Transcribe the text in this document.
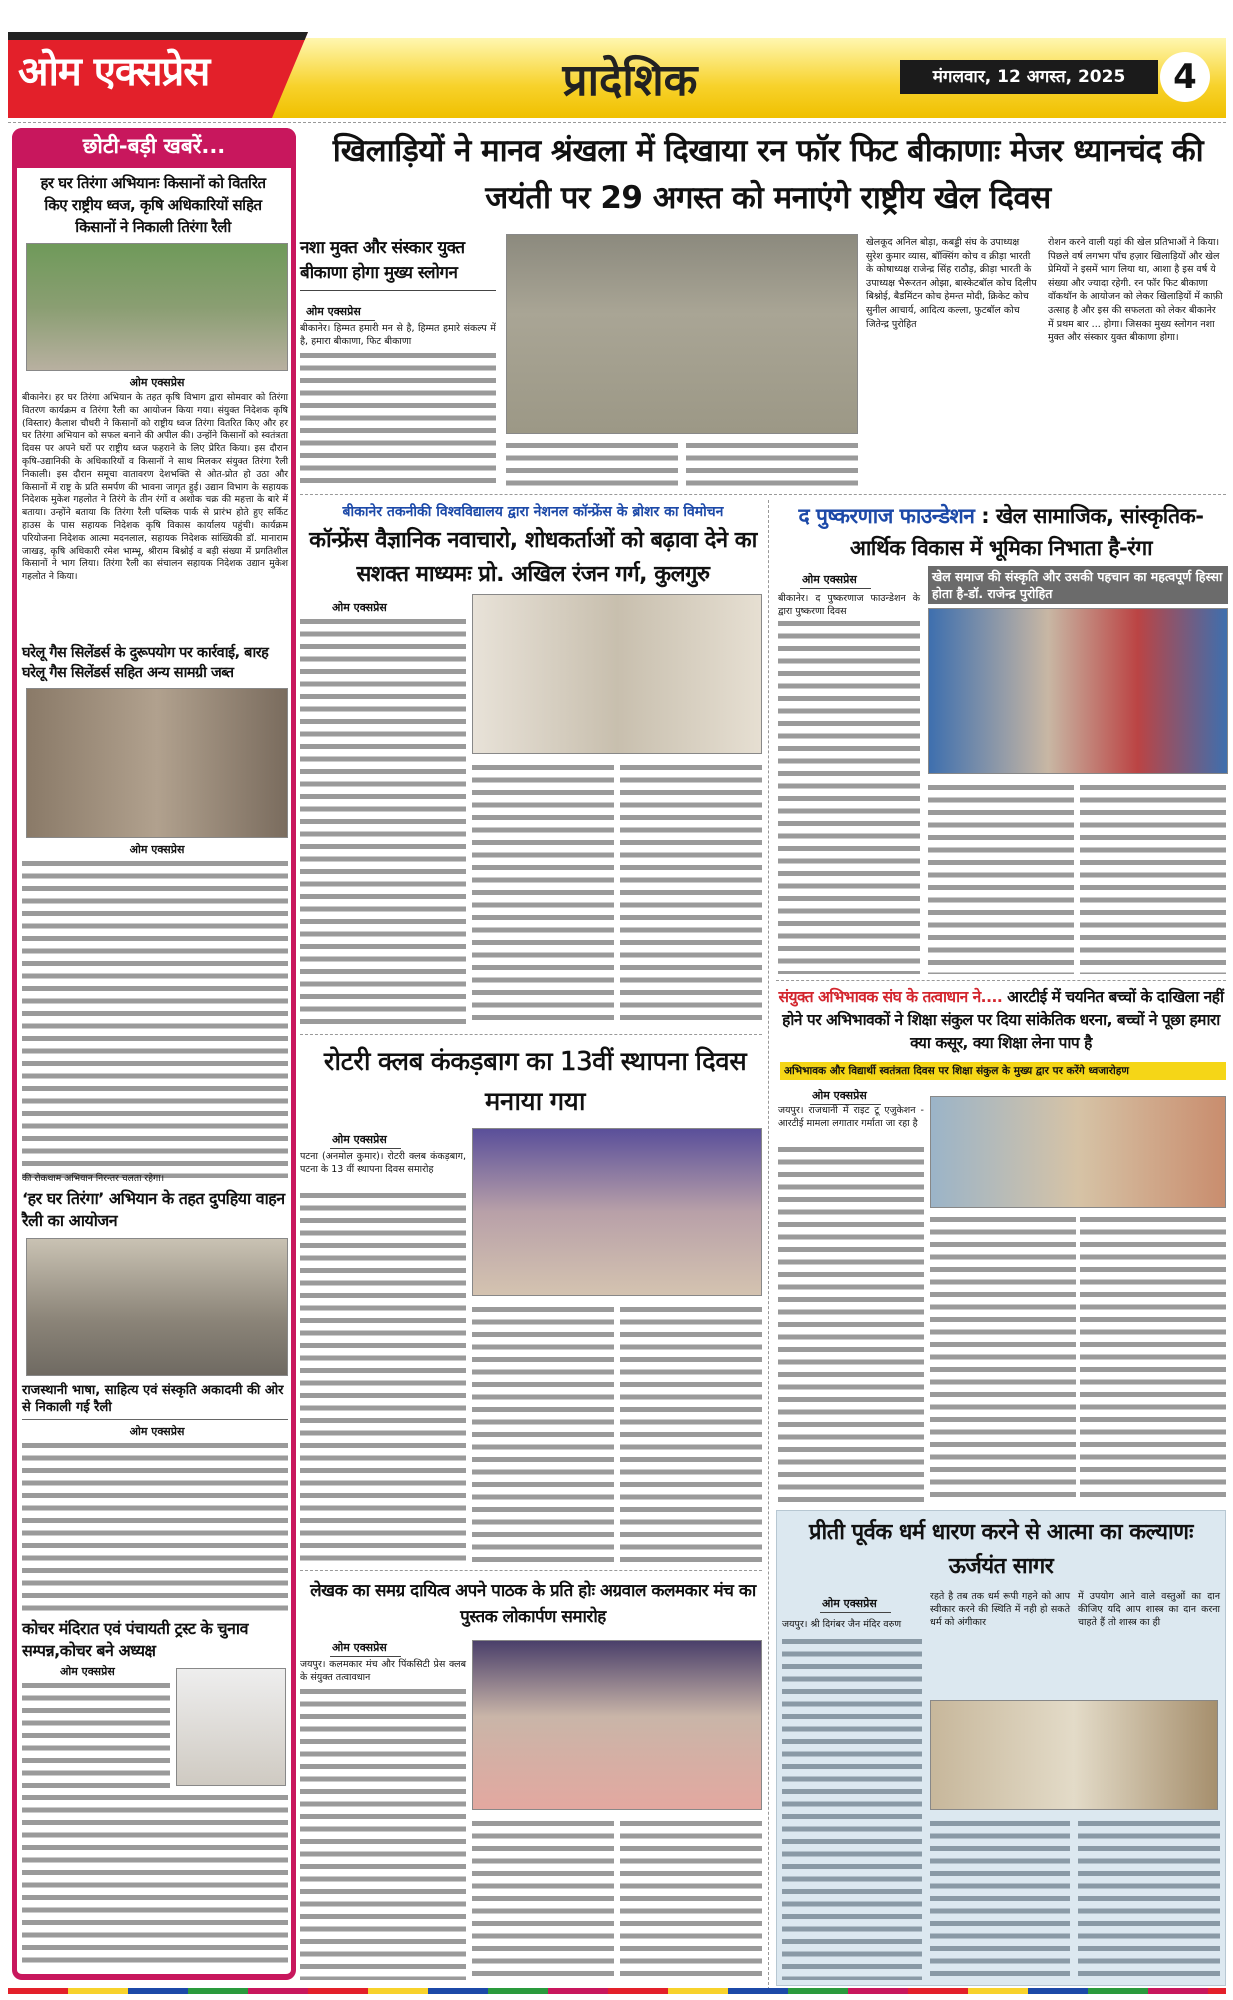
ओम एक्सप्रेस	प्रादेशिक	मंगलवार, 12 अगस्त, 2025	4
छोटी-बड़ी खबरें...
हर घर तिरंगा अभियानः किसानों को वितरित किए राष्ट्रीय ध्वज, कृषि अधिकारियों सहित किसानों ने निकाली तिरंगा रैली
ओम एक्सप्रेस

बीकानेर। हर घर तिरंगा अभियान के तहत कृषि विभाग द्वारा सोमवार को तिरंगा वितरण कार्यक्रम व तिरंगा रैली का आयोजन किया गया। संयुक्त निदेशक कृषि (विस्तार) कैलाश चौधरी ने किसानों को राष्ट्रीय ध्वज तिरंगा वितरित किए और हर घर तिरंगा अभियान को सफल बनाने की अपील की। उन्होंने किसानों को स्वतंत्रता दिवस पर अपने घरों पर राष्ट्रीय ध्वज फहराने के लिए प्रेरित किया। इस दौरान कृषि-उद्यानिकी के अधिकारियों व किसानों ने साथ मिलकर संयुक्त तिरंगा रैली निकाली। इस दौरान समूचा वातावरण देशभक्ति से ओत-प्रोत हो उठा और किसानों में राष्ट्र के प्रति समर्पण की भावना जागृत हुई। उद्यान विभाग के सहायक निदेशक मुकेश गहलोत ने तिरंगे के तीन रंगों व अशोक चक्र की महत्ता के बारे में बताया। उन्होंने बताया कि तिरंगा रैली पब्लिक पार्क से प्रारंभ होते हुए सर्किट हाउस के पास सहायक निदेशक कृषि विकास कार्यालय पहुंची। कार्यक्रम परियोजना निदेशक आत्मा मदनलाल, सहायक निदेशक सांख्यिकी डॉ. मानाराम जाखड़, कृषि अधिकारी रमेश भाम्भू, श्रीराम बिश्नोई व बड़ी संख्या में प्रगतिशील किसानों ने भाग लिया। तिरंगा रैली का संचालन सहायक निदेशक उद्यान मुकेश गहलोत ने किया।

घरेलू गैस सिलेंडर्स के दुरूपयोग पर कार्रवाई, बारह घरेलू गैस सिलेंडर्स सहित अन्य सामग्री जब्त
ओम एक्सप्रेस
की रोकथाम अभियान निरन्तर चलता रहेगा।
‘हर घर तिरंगा’ अभियान के तहत दुपहिया वाहन रैली का आयोजन
राजस्थानी भाषा, साहित्य एवं संस्कृति अकादमी की ओर से निकाली गई रैली
ओम एक्सप्रेस
कोचर मंदिरात एवं पंचायती ट्रस्ट के चुनाव सम्पन्न,कोचर बने अध्यक्ष
ओम एक्सप्रेस
खिलाड़ियों ने मानव श्रंखला में दिखाया रन फॉर फिट बीकाणाः मेजर ध्यानचंद की जयंती पर 29 अगस्त को मनाएंगे राष्ट्रीय खेल दिवस
नशा मुक्त और संस्कार युक्त बीकाणा होगा मुख्य स्लोगन
ओम एक्सप्रेस

बीकानेर। हिम्मत हमारी मन से है, हिम्मत हमारे संकल्प में है, हमारा बीकाणा, फिट बीकाणा

खेलकूद अनिल बोड़ा, कबड्डी संघ के उपाध्यक्ष सुरेश कुमार व्यास, बॉक्सिंग कोच व क्रीड़ा भारती के कोषाध्यक्ष राजेन्द्र सिंह राठौड़, क्रीड़ा भारती के उपाध्यक्ष भैरूरतन ओझा, बास्केटबॉल कोच दिलीप बिश्नोई, बैडमिंटन कोच हेमन्त मोदी, क्रिकेट कोच सुनील आचार्य, आदित्य कल्ला, फुटबॉल कोच जितेन्द्र पुरोहित

रोशन करने वाली यहां की खेल प्रतिभाओं ने किया।पिछले वर्ष लगभग पाँच हज़ार खिलाड़ियों और खेल प्रेमियों ने इसमें भाग लिया था, आशा है इस वर्ष ये संख्या और ज्यादा रहेगी. रन फॉर फिट बीकाणा वॉकथॉन के आयोजन को लेकर खिलाड़ियों में काफ़ी उत्साह है और इस की सफलता को लेकर बीकानेर में प्रथम बार ... होगा। जिसका मुख्य स्लोगन नशा मुक्त और संस्कार युक्त बीकाणा होगा।

बीकानेर तकनीकी विश्वविद्यालय द्वारा नेशनल कॉन्फ्रेंस के ब्रोशर का विमोचन
कॉन्फ्रेंस वैज्ञानिक नवाचारो, शोधकर्ताओं को बढ़ावा देने का सशक्त माध्यमः प्रो. अखिल रंजन गर्ग, कुलगुरु
ओम एक्सप्रेस
द पुष्करणाज फाउन्डेशन : खेल सामाजिक, सांस्कृतिक- आर्थिक विकास में भूमिका निभाता है-रंगा
ओम एक्सप्रेस

बीकानेर। द पुष्करणाज फाउन्डेशन के द्वारा पुष्करणा दिवस

खेल समाज की संस्कृति और उसकी पहचान का महत्वपूर्ण हिस्सा होता है-डॉ. राजेन्द्र पुरोहित
संयुक्त अभिभावक संघ के तत्वाधान ने.... आरटीई में चयनित बच्चों के दाखिला नहीं होने पर अभिभावकों ने शिक्षा संकुल पर दिया सांकेतिक धरना, बच्चों ने पूछा हमारा क्या कसूर, क्या शिक्षा लेना पाप है
अभिभावक और विद्यार्थी स्वतंत्रता दिवस पर शिक्षा संकुल के मुख्य द्वार पर करेंगे ध्वजारोहण
ओम एक्सप्रेस

जयपुर। राजधानी में राइट टू एजुकेशन - आरटीई मामला लगातार गर्माता जा रहा है

प्रीती पूर्वक धर्म धारण करने से आत्मा का कल्याणः ऊर्जयंत सागर
ओम एक्सप्रेस

जयपुर। श्री दिगंबर जैन मंदिर वरुण

रहते है तब तक धर्म रूपी गहने को आप स्वीकार करने की स्थिति में नही हो सकते धर्म को अंगीकार

में उपयोग आने वाले वस्तुओं का दान कीजिए यदि आप शास्त्र का दान करना चाहते हैं तो शास्त्र का ही

रोटरी क्लब कंकड़बाग का 13वीं स्थापना दिवस मनाया गया
ओम एक्सप्रेस

पटना (अनमोल कुमार)। रोटरी क्लब कंकड़बाग, पटना के 13 वीं स्थापना दिवस समारोह

लेखक का समग्र दायित्व अपने पाठक के प्रति होः अग्रवाल कलमकार मंच का पुस्तक लोकार्पण समारोह
ओम एक्सप्रेस

जयपुर। कलमकार मंच और पिंकसिटी प्रेस क्लब के संयुक्त तत्वावधान
